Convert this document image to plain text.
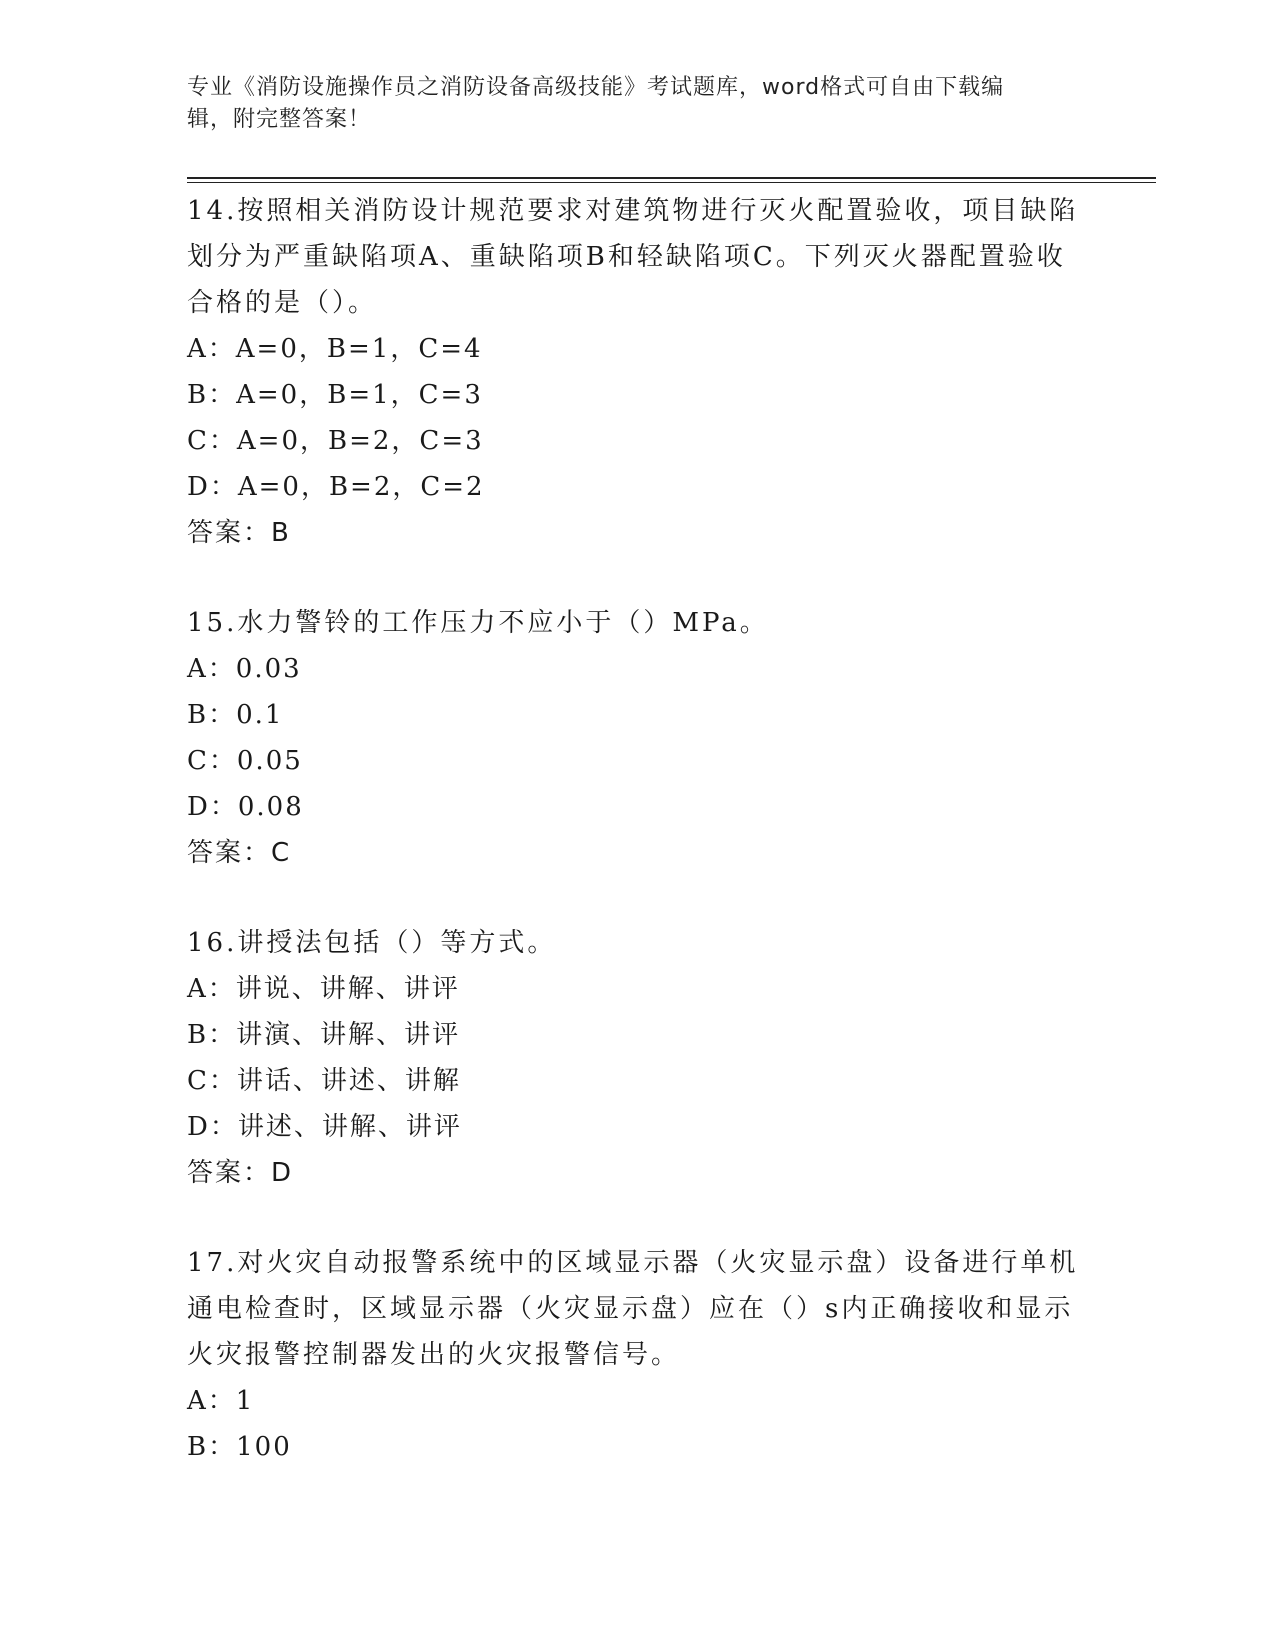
专业《消防设施操作员之消防设备高级技能》考试题库，word格式可自由下载编
辑，附完整答案！

14.按照相关消防设计规范要求对建筑物进行灭火配置验收，项目缺陷划分为严重缺陷项A、重缺陷项B和轻缺陷项C。下列灭火器配置验收合格的是（）。

A：A=0，B=1，C=4

B：A=0，B=1，C=3

C：A=0，B=2，C=3

D：A=0，B=2，C=2

答案：B

15.水力警铃的工作压力不应小于（）MPa。

A：0.03

B：0.1

C：0.05

D：0.08

答案：C

16.讲授法包括（）等方式。

A：讲说、讲解、讲评

B：讲演、讲解、讲评

C：讲话、讲述、讲解

D：讲述、讲解、讲评

答案：D

17.对火灾自动报警系统中的区域显示器（火灾显示盘）设备进行单机通电检查时，区域显示器（火灾显示盘）应在（）s内正确接收和显示火灾报警控制器发出的火灾报警信号。

A：1

B：100
